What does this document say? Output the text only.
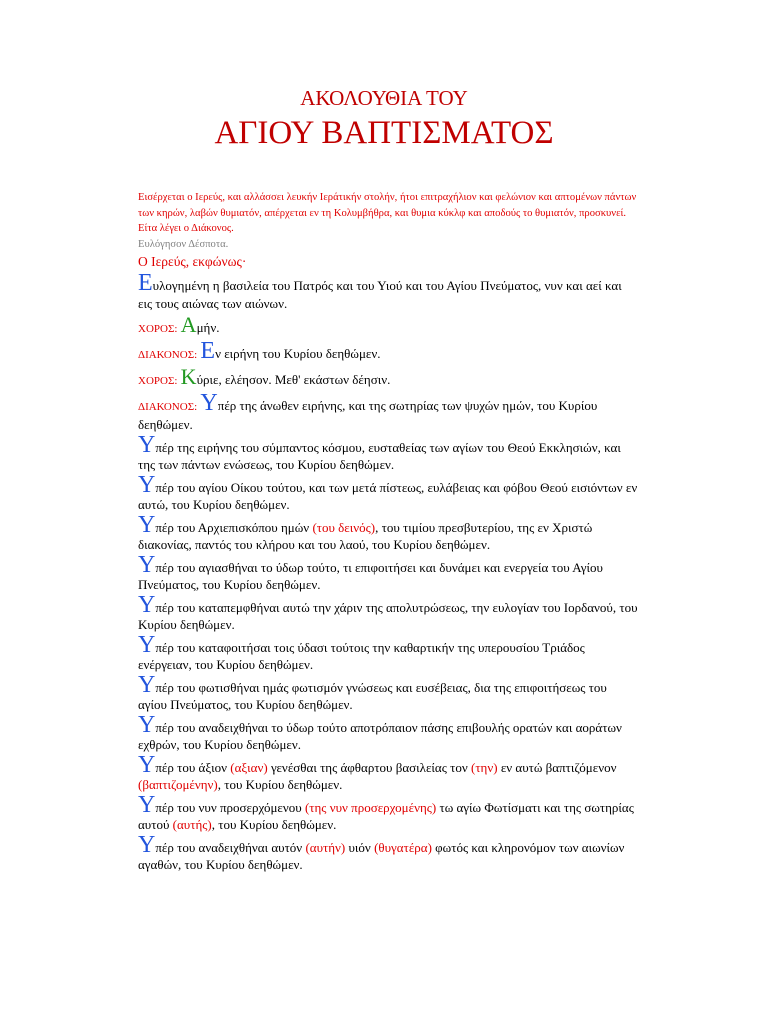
ΑΚΟΛΟΥΘΙΑ ΤΟΥ
ΑΓΙΟΥ ΒΑΠΤΙΣΜΑΤΟΣ
Εισέρχεται ο Ιερεύς, και αλλάσσει λευκήν Ιεράτικήν στολήν, ήτοι επιτραχήλιον και φελώνιον και απτομένων πάντων των κηρών, λαβών θυμιατόν, απέρχεται εν τη Κολυμβήθρα, και θυμια κύκλφ και αποδούς το θυμιατόν, προσκυνεί.
Είτα λέγει ο Διάκονος.
Ευλόγησον Δέσποτα.
Ο Ιερεύς, εκφώνως·
Ευλογημένη η βασιλεία του Πατρός και του Υιού και του Αγίου Πνεύματος, νυν και αεί και εις τους αιώνας των αιώνων.
ΧΟΡΟΣ: Αμήν.
ΔΙΑΚΟΝΟΣ: Εν ειρήνη του Κυρίου δεηθώμεν.
ΧΟΡΟΣ: Κύριε, ελέησον. Μεθ' εκάστων δέησιν.
ΔΙΑΚΟΝΟΣ: Υπέρ της άνωθεν ειρήνης, και της σωτηρίας των ψυχών ημών, του Κυρίου δεηθώμεν.
Υπέρ της ειρήνης του σύμπαντος κόσμου, ευσταθείας των αγίων του Θεού Εκκλησιών, και της των πάντων ενώσεως, του Κυρίου δεηθώμεν.
Υπέρ του αγίου Οίκου τούτου, και των μετά πίστεως, ευλάβειας και φόβου Θεού εισιόντων εν αυτώ, του Κυρίου δεηθώμεν.
Υπέρ του Αρχιεπισκόπου ημών (του δεινός), του τιμίου πρεσβυτερίου, της εν Χριστώ διακονίας, παντός του κλήρου και του λαού, του Κυρίου δεηθώμεν.
Υπέρ του αγιασθήναι το ύδωρ τούτο, τι επιφοιτήσει και δυνάμει και ενεργεία του Αγίου Πνεύματος, του Κυρίου δεηθώμεν.
Υπέρ του καταπεμφθήναι αυτώ την χάριν της απολυτρώσεως, την ευλογίαν του Ιορδανού, του Κυρίου δεηθώμεν.
Υπέρ του καταφοιτήσαι τοις ύδασι τούτοις την καθαρτικήν της υπερουσίου Τριάδος ενέργειαν, του Κυρίου δεηθώμεν.
Υπέρ του φωτισθήναι ημάς φωτισμόν γνώσεως και ευσέβειας, δια της επιφοιτήσεως του αγίου Πνεύματος, του Κυρίου δεηθώμεν.
Υπέρ του αναδειχθήναι το ύδωρ τούτο αποτρόπαιον πάσης επιβουλής ορατών και αοράτων εχθρών, του Κυρίου δεηθώμεν.
Υπέρ του άξιον (αξιαν) γενέσθαι της άφθαρτου βασιλείας τον (την) εν αυτώ βαπτιζόμενον (βαπτιζομένην), του Κυρίου δεηθώμεν.
Υπέρ του νυν προσερχόμενου (της νυν προσερχομένης) τω αγίω Φωτίσματι και της σωτηρίας αυτού (αυτής), του Κυρίου δεηθώμεν.
Υπέρ του αναδειχθήναι αυτόν (αυτήν) υιόν (θυγατέρα) φωτός και κληρονόμον των αιωνίων αγαθών, του Κυρίου δεηθώμεν.
